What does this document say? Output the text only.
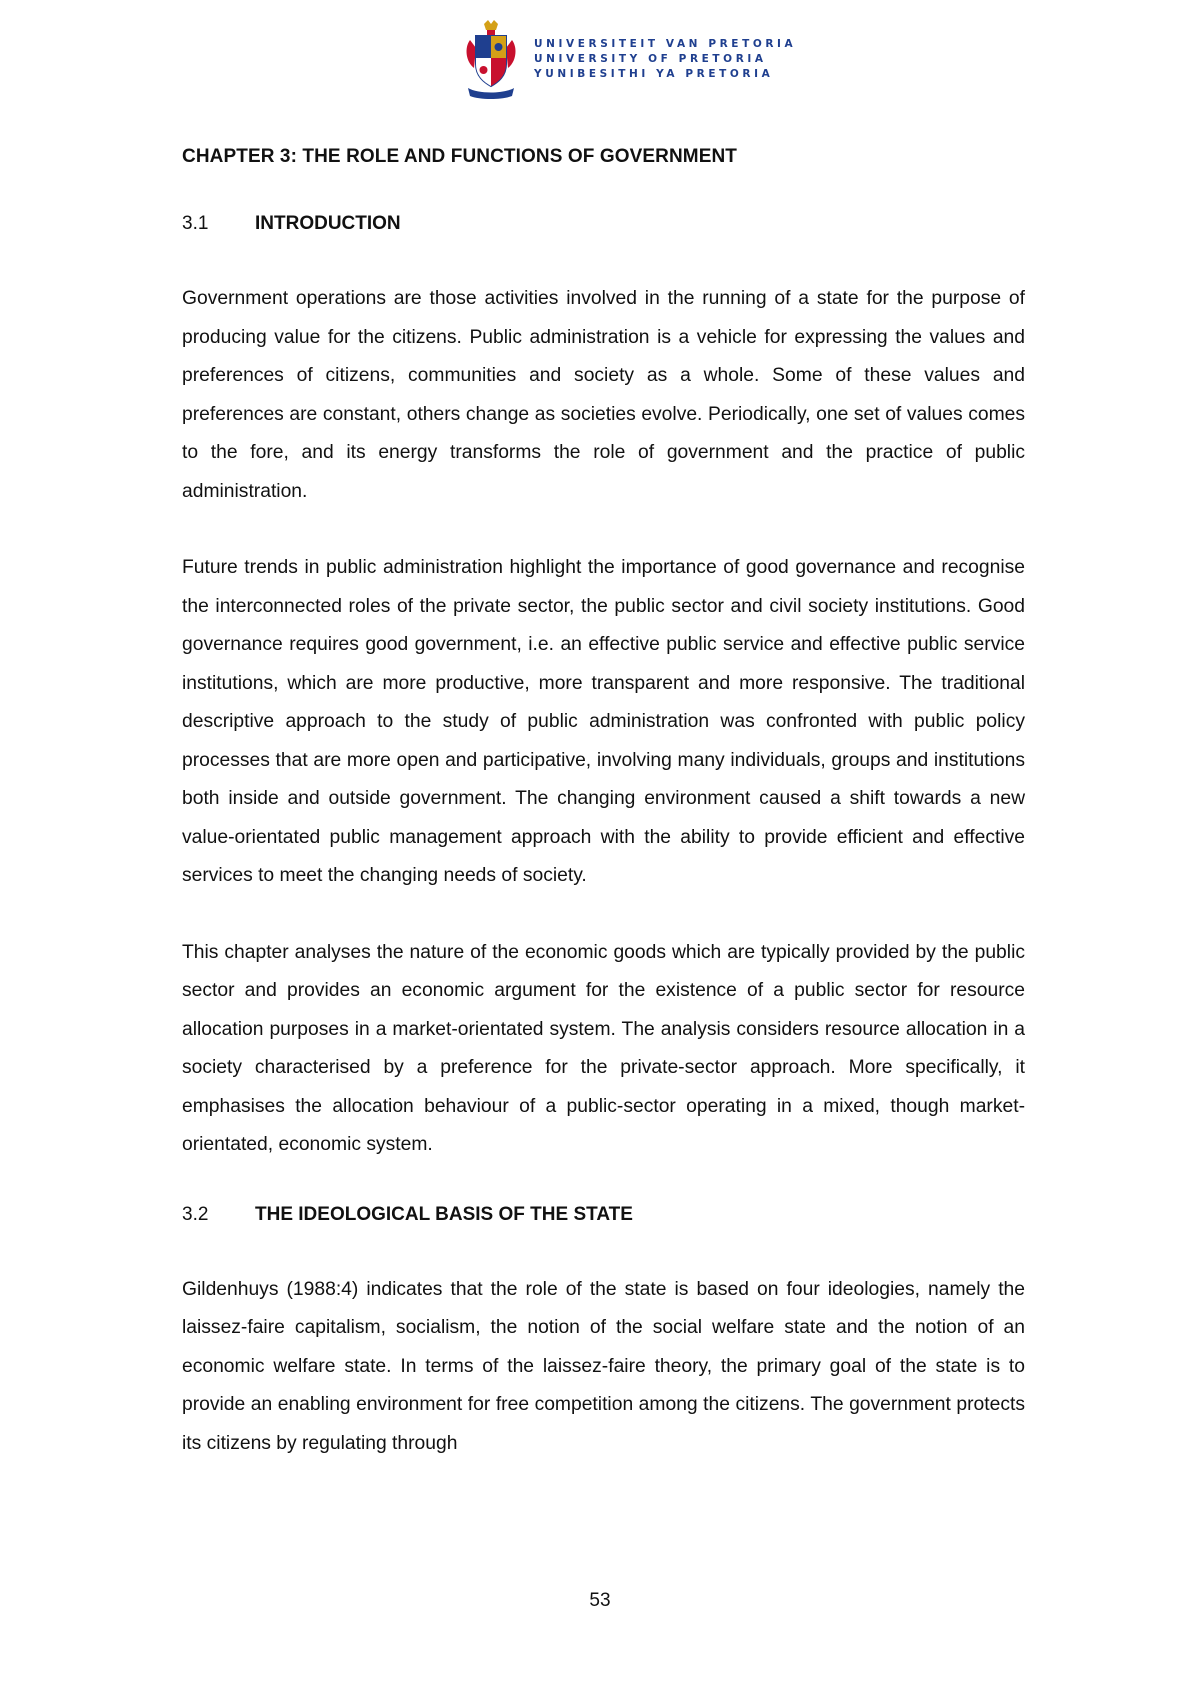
UNIVERSITEIT VAN PRETORIA
UNIVERSITY OF PRETORIA
YUNIBESITHI YA PRETORIA
CHAPTER 3: THE ROLE AND FUNCTIONS OF GOVERNMENT
3.1	INTRODUCTION

Government operations are those activities involved in the running of a state for the purpose of producing value for the citizens. Public administration is a vehicle for expressing the values and preferences of citizens, communities and society as a whole. Some of these values and preferences are constant, others change as societies evolve. Periodically, one set of values comes to the fore, and its energy transforms the role of government and the practice of public administration.

Future trends in public administration highlight the importance of good governance and recognise the interconnected roles of the private sector, the public sector and civil society institutions. Good governance requires good government, i.e. an effective public service and effective public service institutions, which are more productive, more transparent and more responsive. The traditional descriptive approach to the study of public administration was confronted with public policy processes that are more open and participative, involving many individuals, groups and institutions both inside and outside government. The changing environment caused a shift towards a new value-orientated public management approach with the ability to provide efficient and effective services to meet the changing needs of society.

This chapter analyses the nature of the economic goods which are typically provided by the public sector and provides an economic argument for the existence of a public sector for resource allocation purposes in a market-orientated system. The analysis considers resource allocation in a society characterised by a preference for the private-sector approach. More specifically, it emphasises the allocation behaviour of a public-sector operating in a mixed, though market-orientated, economic system.

3.2	THE IDEOLOGICAL BASIS OF THE STATE

Gildenhuys (1988:4) indicates that the role of the state is based on four ideologies, namely the laissez-faire capitalism, socialism, the notion of the social welfare state and the notion of an economic welfare state. In terms of the laissez-faire theory, the primary goal of the state is to provide an enabling environment for free competition among the citizens. The government protects its citizens by regulating through

53
